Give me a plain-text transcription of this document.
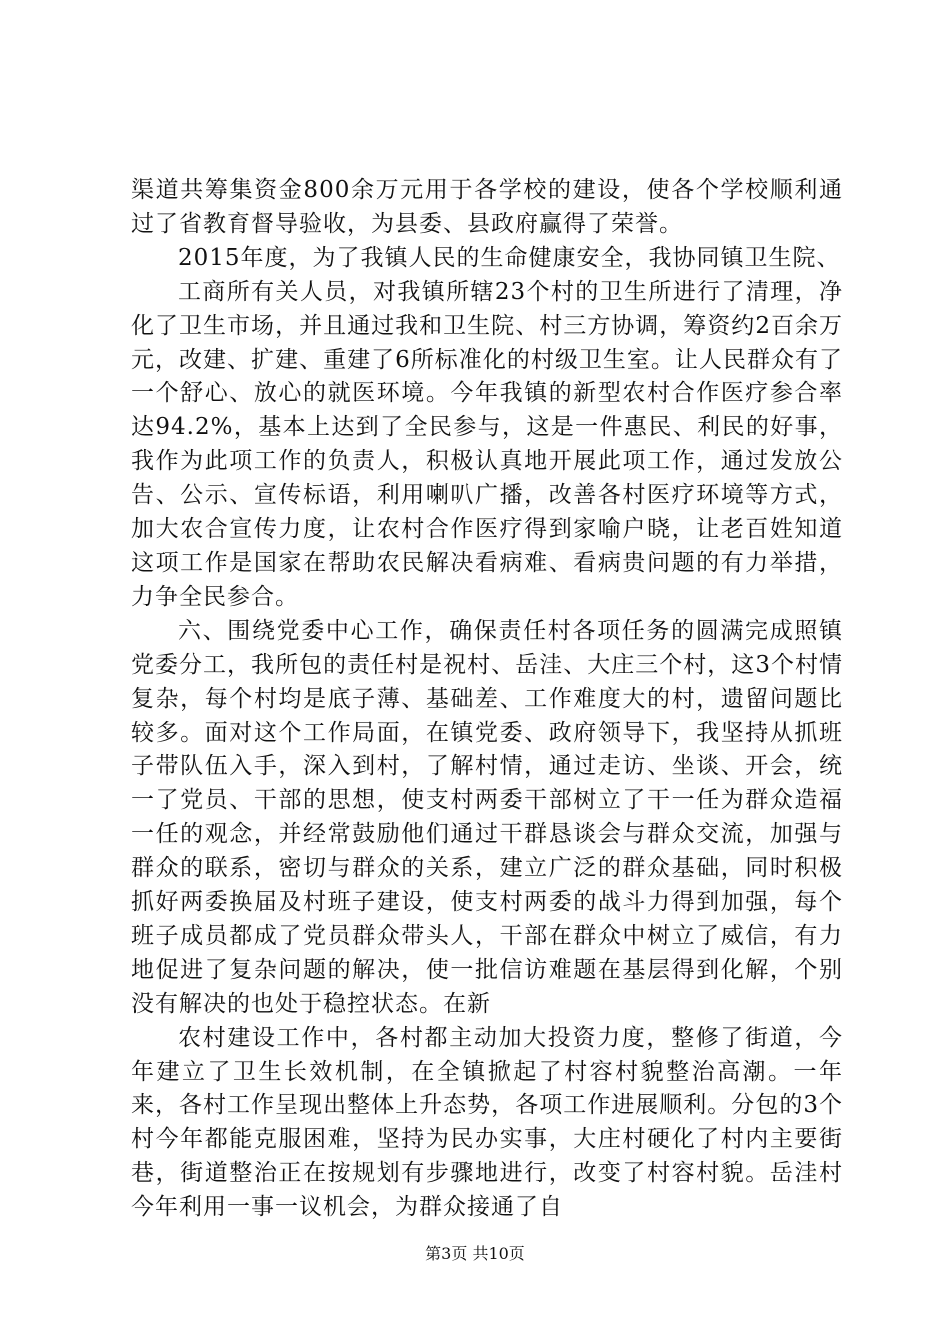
渠道共筹集资金800余万元用于各学校的建设，使各个学校顺利通过了省教育督导验收，为县委、县政府赢得了荣誉。

2015年度，为了我镇人民的生命健康安全，我协同镇卫生院、

工商所有关人员，对我镇所辖23个村的卫生所进行了清理，净化了卫生市场，并且通过我和卫生院、村三方协调，筹资约2百余万元，改建、扩建、重建了6所标准化的村级卫生室。让人民群众有了一个舒心、放心的就医环境。今年我镇的新型农村合作医疗参合率达94.2%，基本上达到了全民参与，这是一件惠民、利民的好事，我作为此项工作的负责人，积极认真地开展此项工作，通过发放公告、公示、宣传标语，利用喇叭广播，改善各村医疗环境等方式，加大农合宣传力度，让农村合作医疗得到家喻户晓，让老百姓知道这项工作是国家在帮助农民解决看病难、看病贵问题的有力举措，力争全民参合。

六、围绕党委中心工作，确保责任村各项任务的圆满完成照镇党委分工，我所包的责任村是祝村、岳洼、大庄三个村，这3个村情复杂，每个村均是底子薄、基础差、工作难度大的村，遗留问题比较多。面对这个工作局面，在镇党委、政府领导下，我坚持从抓班子带队伍入手，深入到村，了解村情，通过走访、坐谈、开会，统一了党员、干部的思想，使支村两委干部树立了干一任为群众造福一任的观念，并经常鼓励他们通过干群恳谈会与群众交流，加强与群众的联系，密切与群众的关系，建立广泛的群众基础，同时积极抓好两委换届及村班子建设，使支村两委的战斗力得到加强，每个班子成员都成了党员群众带头人，干部在群众中树立了威信，有力地促进了复杂问题的解决，使一批信访难题在基层得到化解，个别没有解决的也处于稳控状态。在新

农村建设工作中，各村都主动加大投资力度，整修了街道，今年建立了卫生长效机制，在全镇掀起了村容村貌整治高潮。一年来，各村工作呈现出整体上升态势，各项工作进展顺利。分包的3个村今年都能克服困难，坚持为民办实事，大庄村硬化了村内主要街巷，街道整治正在按规划有步骤地进行，改变了村容村貌。岳洼村今年利用一事一议机会，为群众接通了自

第3页 共10页
